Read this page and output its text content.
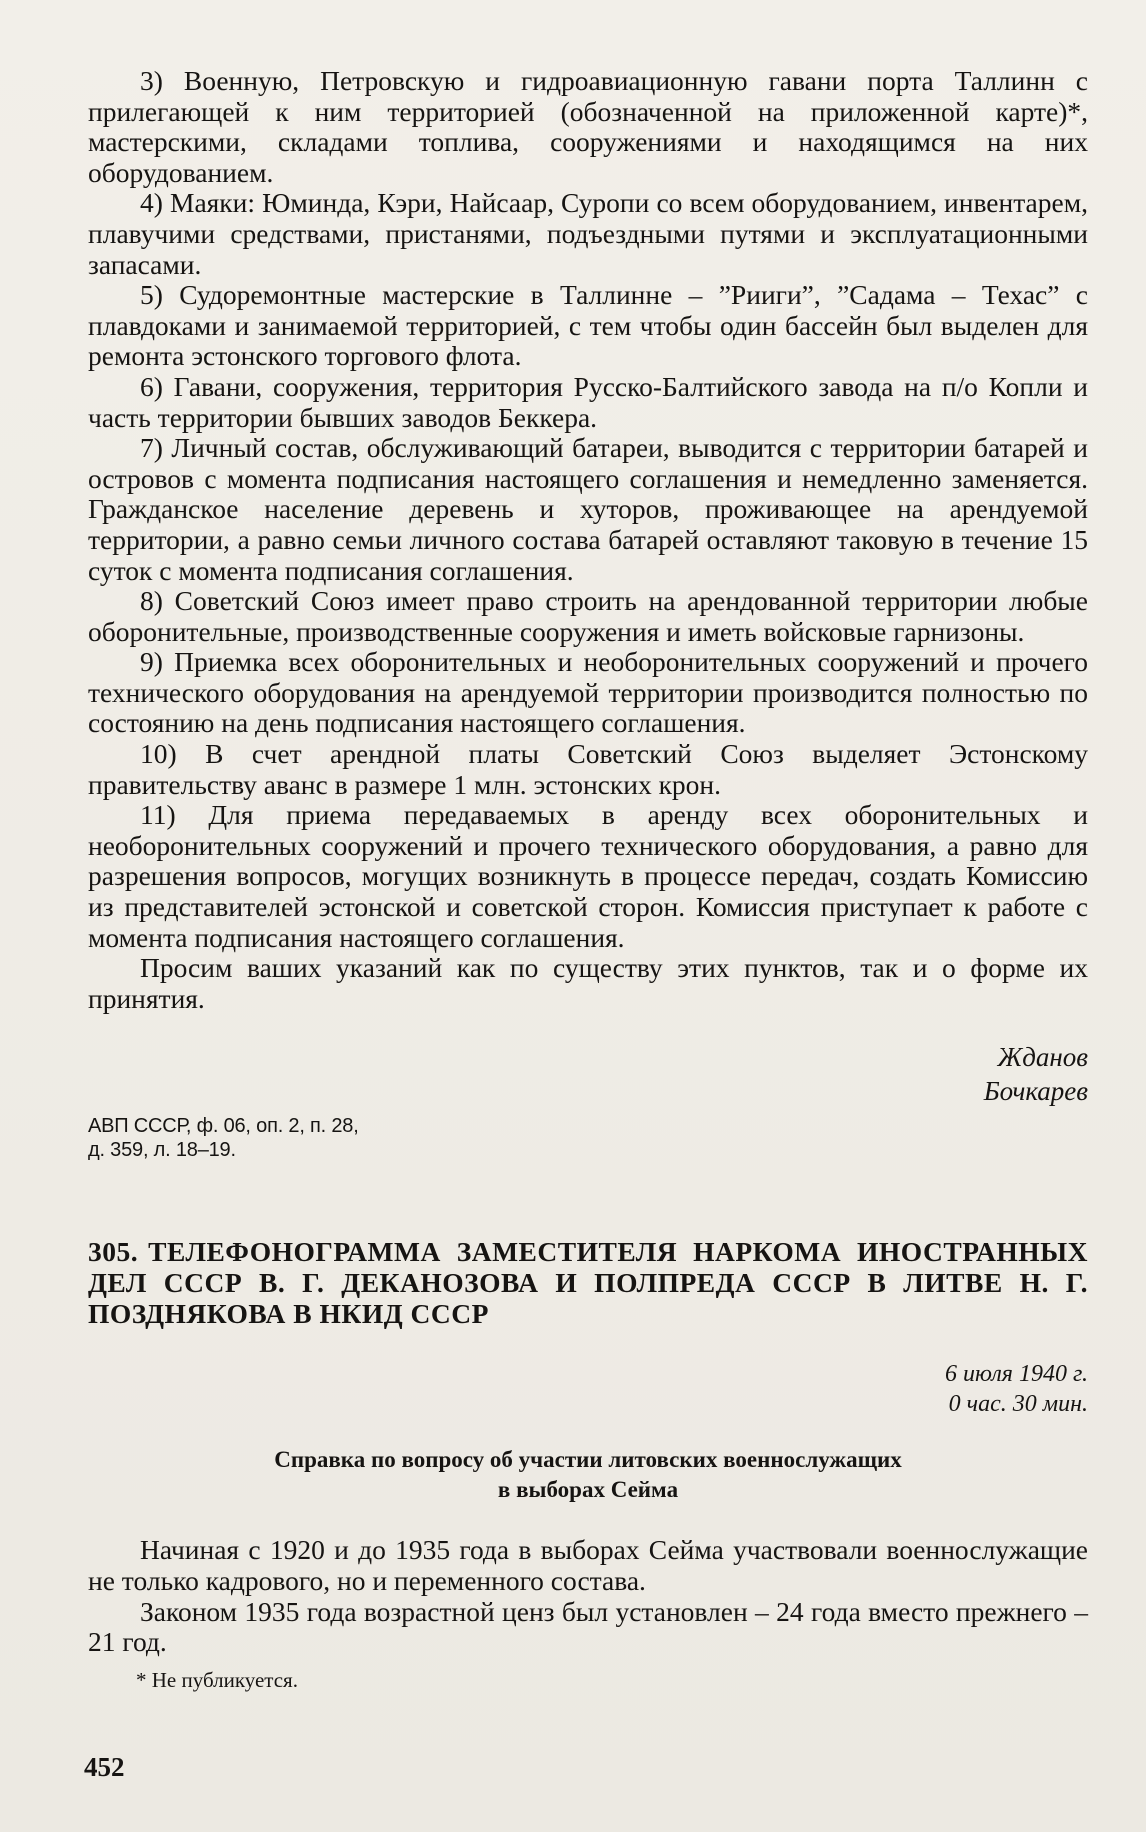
3) Военную, Петровскую и гидроавиационную гавани порта Таллинн с прилегающей к ним территорией (обозначенной на приложенной карте)*, мастерскими, складами топлива, сооружениями и находящимся на них оборудованием.

4) Маяки: Юминда, Кэри, Найсаар, Суропи со всем оборудованием, инвентарем, плавучими средствами, пристанями, подъездными путями и эксплуатационными запасами.

5) Судоремонтные мастерские в Таллинне – ”Рииги”, ”Садама – Техас” с плавдоками и занимаемой территорией, с тем чтобы один бассейн был выделен для ремонта эстонского торгового флота.

6) Гавани, сооружения, территория Русско-Балтийского завода на п/о Копли и часть территории бывших заводов Беккера.

7) Личный состав, обслуживающий батареи, выводится с территории батарей и островов с момента подписания настоящего соглашения и немедленно заменяется. Гражданское население деревень и хуторов, проживающее на арендуемой территории, а равно семьи личного состава батарей оставляют таковую в течение 15 суток с момента подписания соглашения.

8) Советский Союз имеет право строить на арендованной территории любые оборонительные, производственные сооружения и иметь войсковые гарнизоны.

9) Приемка всех оборонительных и необоронительных сооружений и прочего технического оборудования на арендуемой территории производится полностью по состоянию на день подписания настоящего соглашения.

10) В счет арендной платы Советский Союз выделяет Эстонскому правительству аванс в размере 1 млн. эстонских крон.

11) Для приема передаваемых в аренду всех оборонительных и необоронительных сооружений и прочего технического оборудования, а равно для разрешения вопросов, могущих возникнуть в процессе передач, создать Комиссию из представителей эстонской и советской сторон. Комиссия приступает к работе с момента подписания настоящего соглашения.

Просим ваших указаний как по существу этих пунктов, так и о форме их принятия.

Жданов
Бочкарев
АВП СССР, ф. 06, оп. 2, п. 28,
д. 359, л. 18–19.
305. ТЕЛЕФОНОГРАММА ЗАМЕСТИТЕЛЯ НАРКОМА ИНОСТРАННЫХ ДЕЛ СССР В. Г. ДЕКАНОЗОВА И ПОЛПРЕДА СССР В ЛИТВЕ Н. Г. ПОЗДНЯКОВА В НКИД СССР
6 июля 1940 г.
0 час. 30 мин.
Справка по вопросу об участии литовских военнослужащих
в выборах Сейма

Начиная с 1920 и до 1935 года в выборах Сейма участвовали военнослужащие не только кадрового, но и переменного состава.

Законом 1935 года возрастной ценз был установлен – 24 года вместо прежнего – 21 год.

* Не публикуется.
452
